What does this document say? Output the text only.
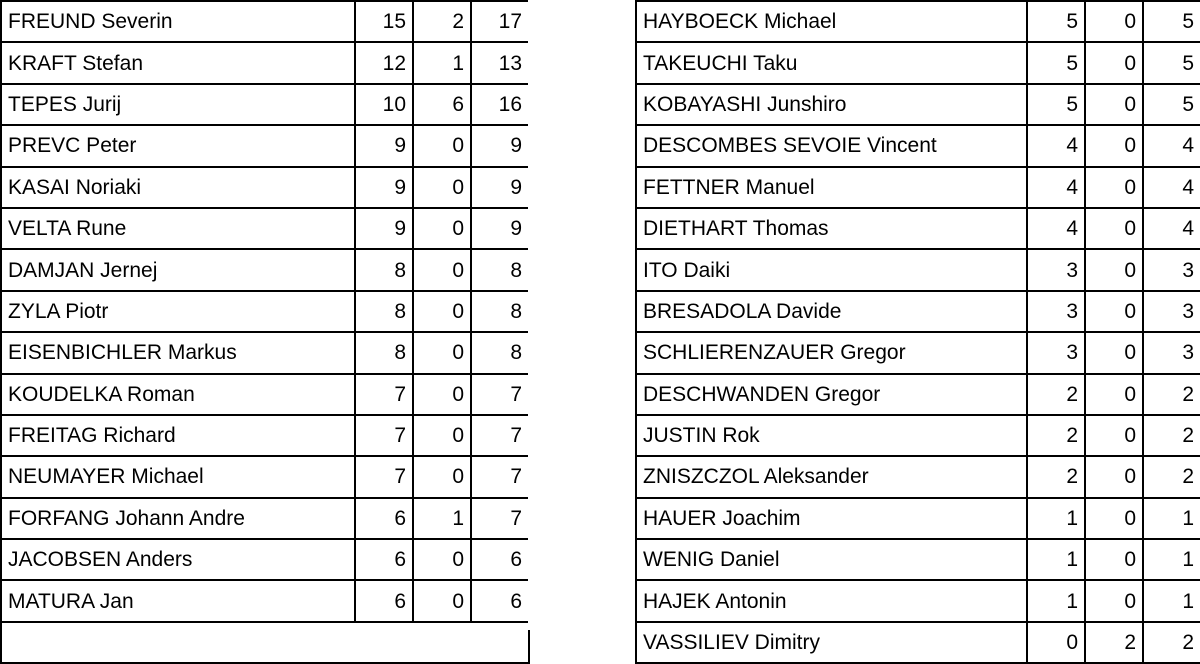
FREUND Severin	15	2	17
KRAFT Stefan	12	1	13
TEPES Jurij	10	6	16
PREVC Peter	9	0	9
KASAI Noriaki	9	0	9
VELTA Rune	9	0	9
DAMJAN Jernej	8	0	8
ZYLA Piotr	8	0	8
EISENBICHLER Markus	8	0	8
KOUDELKA Roman	7	0	7
FREITAG Richard	7	0	7
NEUMAYER Michael	7	0	7
FORFANG Johann Andre	6	1	7
JACOBSEN Anders	6	0	6
MATURA Jan	6	0	6

HAYBOECK Michael	5	0	5
TAKEUCHI Taku	5	0	5
KOBAYASHI Junshiro	5	0	5
DESCOMBES SEVOIE Vincent	4	0	4
FETTNER Manuel	4	0	4
DIETHART Thomas	4	0	4
ITO Daiki	3	0	3
BRESADOLA Davide	3	0	3
SCHLIERENZAUER Gregor	3	0	3
DESCHWANDEN Gregor	2	0	2
JUSTIN Rok	2	0	2
ZNISZCZOL Aleksander	2	0	2
HAUER Joachim	1	0	1
WENIG Daniel	1	0	1
HAJEK Antonin	1	0	1
VASSILIEV Dimitry	0	2	2
